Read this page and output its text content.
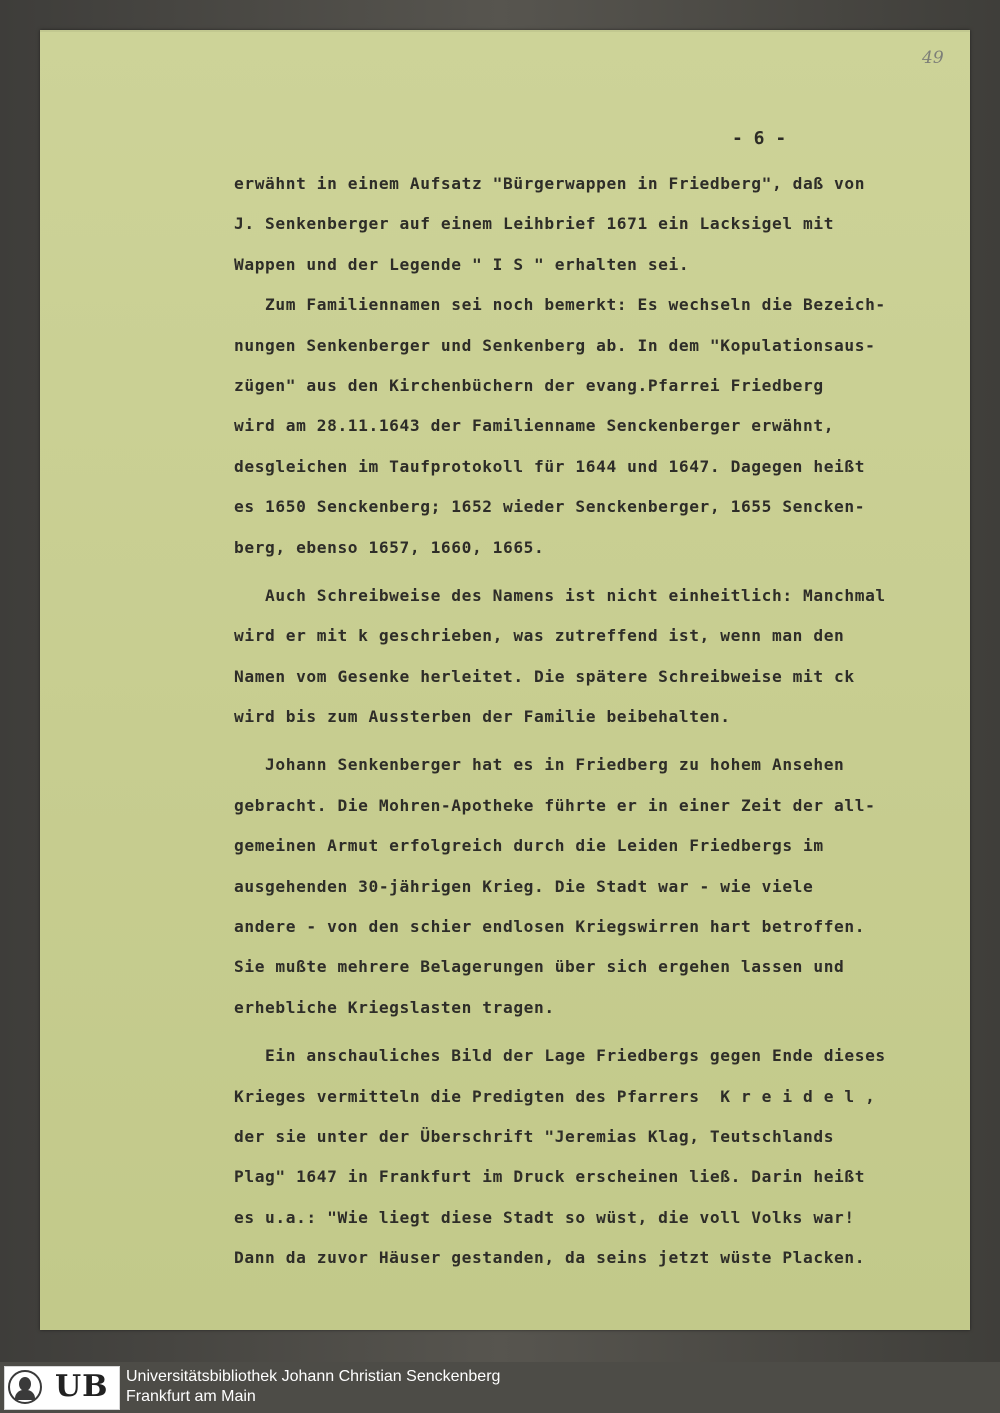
49
- 6 -
erwähnt in einem Aufsatz "Bürgerwappen in Friedberg", daß von
J. Senkenberger auf einem Leihbrief 1671 ein Lacksigel mit
Wappen und der Legende " I S " erhalten sei.
Zum Familiennamen sei noch bemerkt: Es wechseln die Bezeich-
nungen Senkenberger und Senkenberg ab. In dem "Kopulationsaus-
zügen" aus den Kirchenbüchern der evang.Pfarrei Friedberg
wird am 28.11.1643 der Familienname Senckenberger erwähnt,
desgleichen im Taufprotokoll für 1644 und 1647. Dagegen heißt
es 1650 Senckenberg; 1652 wieder Senckenberger, 1655 Sencken-
berg, ebenso 1657, 1660, 1665.
Auch Schreibweise des Namens ist nicht einheitlich: Manchmal
wird er mit k geschrieben, was zutreffend ist, wenn man den
Namen vom Gesenke herleitet. Die spätere Schreibweise mit ck
wird bis zum Aussterben der Familie beibehalten.
Johann Senkenberger hat es in Friedberg zu hohem Ansehen
gebracht. Die Mohren-Apotheke führte er in einer Zeit der all-
gemeinen Armut erfolgreich durch die Leiden Friedbergs im
ausgehenden 30-jährigen Krieg. Die Stadt war - wie viele
andere - von den schier endlosen Kriegswirren hart betroffen.
Sie mußte mehrere Belagerungen über sich ergehen lassen und
erhebliche Kriegslasten tragen.
Ein anschauliches Bild der Lage Friedbergs gegen Ende dieses
Krieges vermitteln die Predigten des Pfarrers  K r e i d e l ,
der sie unter der Überschrift "Jeremias Klag, Teutschlands
Plag" 1647 in Frankfurt im Druck erscheinen ließ. Darin heißt
es u.a.: "Wie liegt diese Stadt so wüst, die voll Volks war!
Dann da zuvor Häuser gestanden, da seins jetzt wüste Placken.
UB Universitätsbibliothek Johann Christian Senckenberg
Frankfurt am Main
